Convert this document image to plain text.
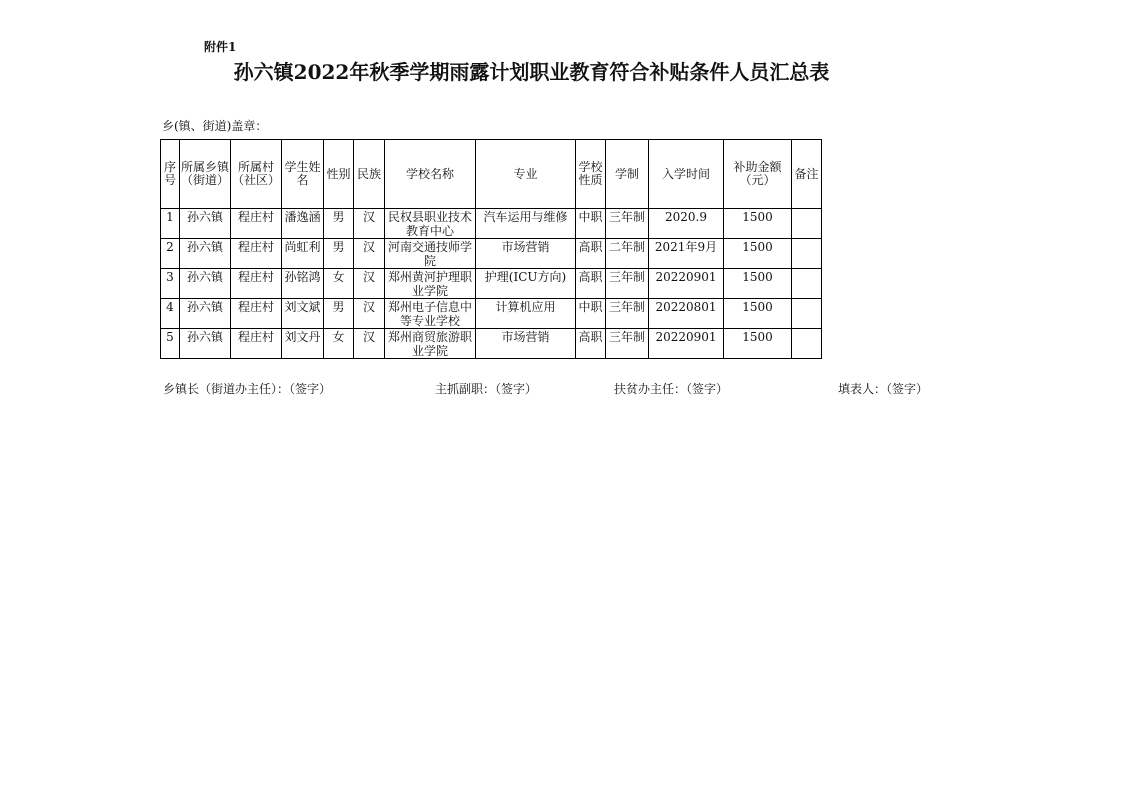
附件1
孙六镇2022年秋季学期雨露计划职业教育符合补贴条件人员汇总表
乡(镇、街道)盖章：
序号	所属乡镇（街道）	所属村（社区）	学生姓名	性别	民族	学校名称	专业	学校性质	学制	入学时间	补助金额（元）	备注

1	孙六镇	程庄村	潘逸涵	男	汉	民权县职业技术教育中心	汽车运用与维修	中职	三年制	2020.9	1500	

2	孙六镇	程庄村	尚虹利	男	汉	河南交通技师学院	市场营销	高职	二年制	2021年9月	1500	

3	孙六镇	程庄村	孙铭鸿	女	汉	郑州黄河护理职业学院	护理(ICU方向)	高职	三年制	20220901	1500	

4	孙六镇	程庄村	刘文斌	男	汉	郑州电子信息中等专业学校	计算机应用	中职	三年制	20220801	1500	

5	孙六镇	程庄村	刘文丹	女	汉	郑州商贸旅游职业学院	市场营销	高职	三年制	20220901	1500	

乡镇长（街道办主任）：（签字）	主抓副职：（签字）	扶贫办主任：（签字）	填表人：（签字）
